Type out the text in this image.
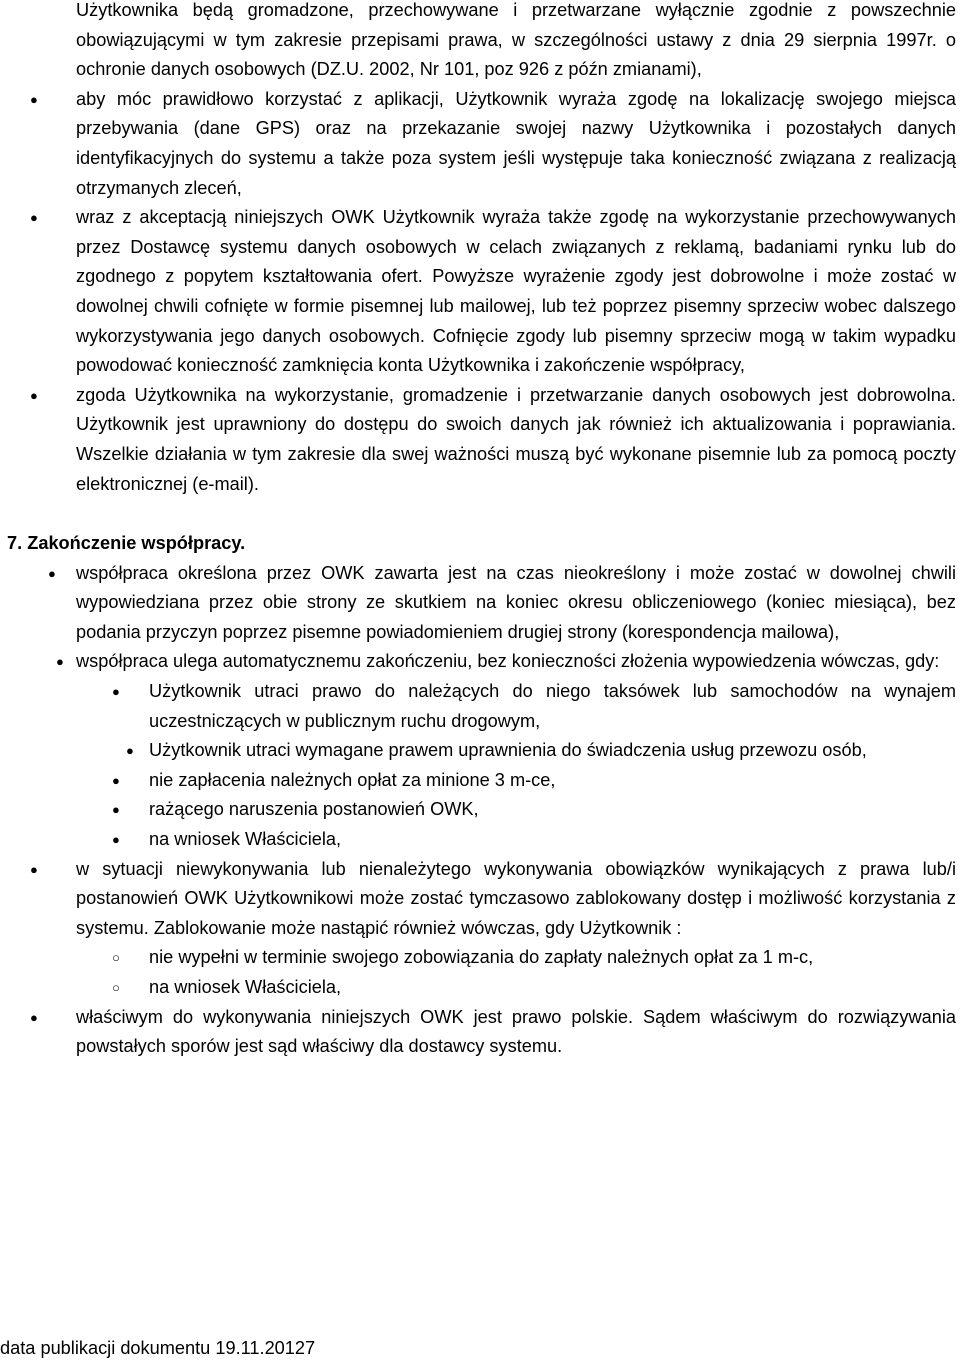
Użytkownika będą gromadzone, przechowywane i przetwarzane wyłącznie zgodnie z powszechnie obowiązującymi w tym zakresie przepisami prawa, w szczególności ustawy z dnia 29 sierpnia 1997r. o ochronie danych osobowych (DZ.U. 2002, Nr 101, poz 926 z późn zmianami),

● aby móc prawidłowo korzystać z aplikacji, Użytkownik wyraża zgodę na lokalizację swojego miejsca przebywania (dane GPS) oraz na przekazanie swojej nazwy Użytkownika i pozostałych danych identyfikacyjnych do systemu a także poza system jeśli występuje taka konieczność związana z realizacją otrzymanych zleceń,

● wraz z akceptacją niniejszych OWK Użytkownik wyraża także zgodę na wykorzystanie przechowywanych przez Dostawcę systemu danych osobowych w celach związanych z reklamą, badaniami rynku lub do zgodnego z popytem kształtowania ofert. Powyższe wyrażenie zgody jest dobrowolne i może zostać w dowolnej chwili cofnięte w formie pisemnej lub mailowej, lub też poprzez pisemny sprzeciw wobec dalszego wykorzystywania jego danych osobowych. Cofnięcie zgody lub pisemny sprzeciw mogą w takim wypadku powodować konieczność zamknięcia konta Użytkownika i zakończenie współpracy,

● zgoda Użytkownika na wykorzystanie, gromadzenie i przetwarzanie danych osobowych jest dobrowolna. Użytkownik jest uprawniony do dostępu do swoich danych jak również ich aktualizowania i poprawiania. Wszelkie działania w tym zakresie dla swej ważności muszą być wykonane pisemnie lub za pomocą poczty elektronicznej (e-mail).

7. Zakończenie współpracy.

● współpraca określona przez OWK zawarta jest na czas nieokreślony i może zostać w dowolnej chwili wypowiedziana przez obie strony ze skutkiem na koniec okresu obliczeniowego (koniec miesiąca), bez podania przyczyn poprzez pisemne powiadomieniem drugiej strony (korespondencja mailowa),

● współpraca ulega automatycznemu zakończeniu, bez konieczności złożenia wypowiedzenia wówczas, gdy:

● Użytkownik utraci prawo do należących do niego taksówek lub samochodów na wynajem uczestniczących w publicznym ruchu drogowym,

● Użytkownik utraci wymagane prawem uprawnienia do świadczenia usług przewozu osób,

● nie zapłacenia należnych opłat za minione 3 m-ce,

● rażącego naruszenia postanowień OWK,

● na wniosek Właściciela,

● w sytuacji niewykonywania lub nienależytego wykonywania obowiązków wynikających z prawa lub/i postanowień OWK Użytkownikowi może zostać tymczasowo zablokowany dostęp i możliwość korzystania z systemu. Zablokowanie może nastąpić również wówczas, gdy Użytkownik :

○ nie wypełni w terminie swojego zobowiązania do zapłaty należnych opłat za 1 m-c,

○ na wniosek Właściciela,

● właściwym do wykonywania niniejszych OWK jest prawo polskie. Sądem właściwym do rozwiązywania powstałych sporów jest sąd właściwy dla dostawcy systemu.

data publikacji dokumentu 19.11.20127
